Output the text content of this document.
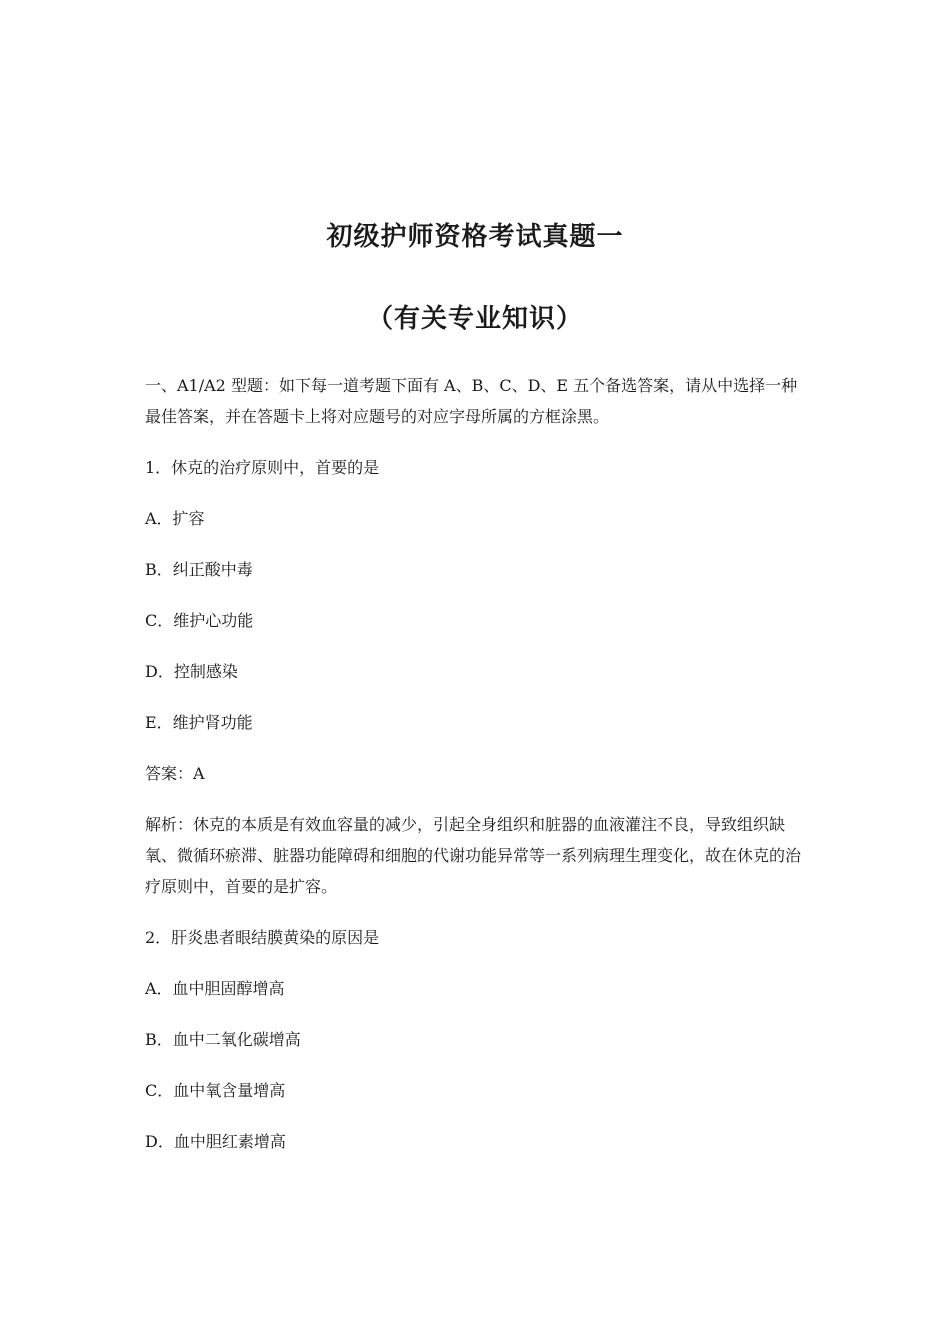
初级护师资格考试真题一
（有关专业知识）

一、A1/A2 型题：如下每一道考题下面有 A、B、C、D、E 五个备选答案，请从中选择一种最佳答案，并在答题卡上将对应题号的对应字母所属的方框涂黑。

1．休克的治疗原则中，首要的是

A．扩容

B．纠正酸中毒

C．维护心功能

D．控制感染

E．维护肾功能

答案：A

解析：休克的本质是有效血容量的减少，引起全身组织和脏器的血液灌注不良，导致组织缺氧、微循环瘀滞、脏器功能障碍和细胞的代谢功能异常等一系列病理生理变化，故在休克的治疗原则中，首要的是扩容。

2．肝炎患者眼结膜黄染的原因是

A．血中胆固醇增高

B．血中二氧化碳增高

C．血中氧含量增高

D．血中胆红素增高
